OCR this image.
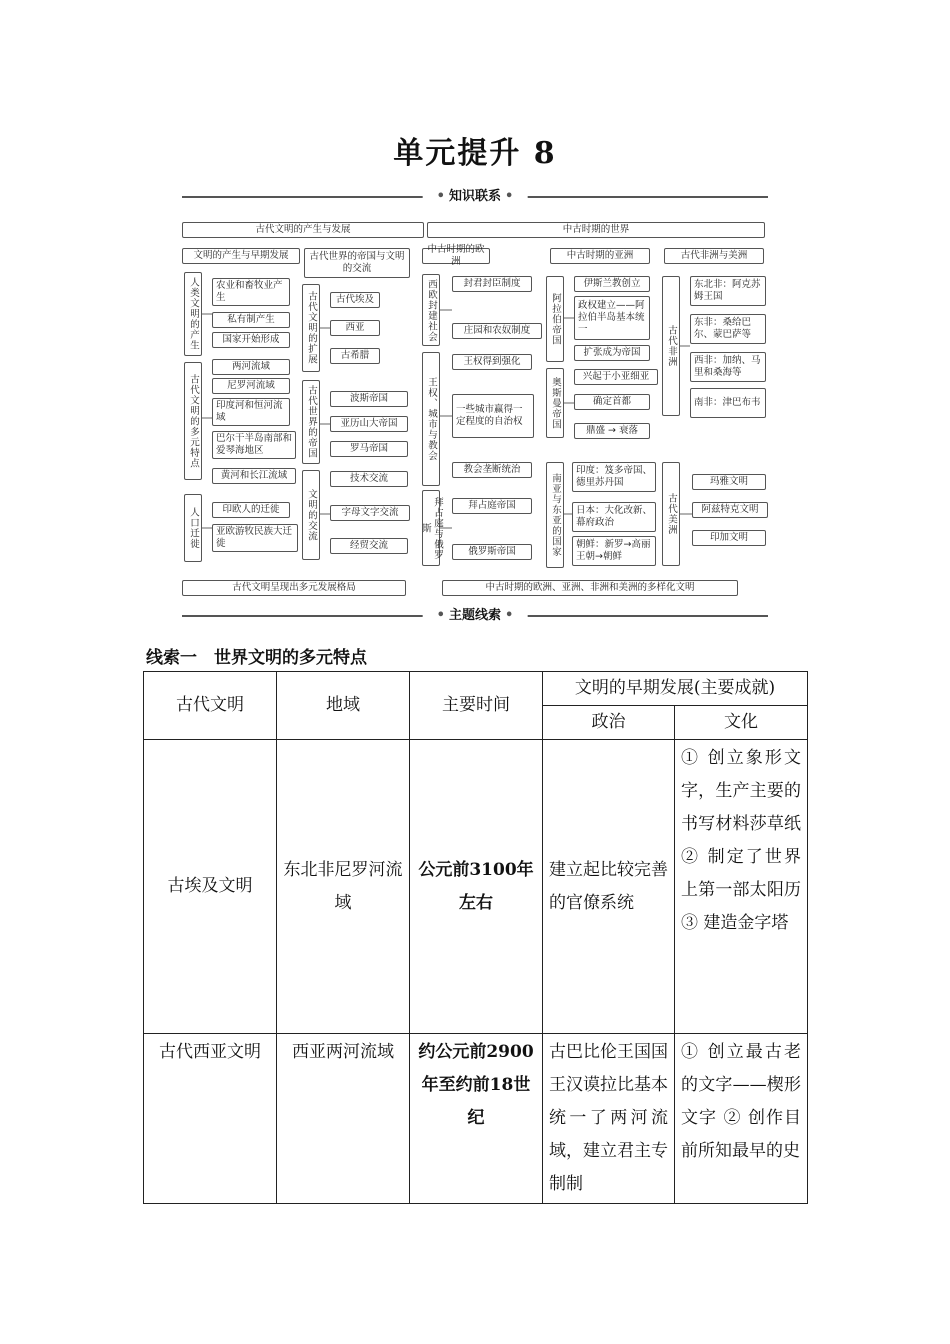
单元提升 8
• 知识联系 •
古代文明的产生与发展	中古时期的世界
文明的产生与早期发展	古代世界的帝国与文明的交流
人类文明的产生	农业和畜牧业产生
私有制产生
国家开始形成
古代文明的多元特点
两河流域
尼罗河流域
印度河和恒河流域
巴尔干半岛南部和爱琴海地区
黄河和长江流域
人口迁徙	印欧人的迁徙
亚欧游牧民族大迁徙
古代文明的扩展	古代埃及
西亚
古希腊
古代世界的帝国	波斯帝国
亚历山大帝国
罗马帝国
文明的交流
技术交流
字母文字交流
经贸交流
中古时期的欧洲
中古时期的亚洲	古代非洲与美洲
西欧封建社会	封君封臣制度
庄园和农奴制度
王权、城市与教会
王权得到强化
一些城市赢得一定程度的自治权
教会垄断统治
拜占庭与俄罗斯
拜占庭帝国
俄罗斯帝国
阿拉伯帝国
伊斯兰教创立
政权建立——阿拉伯半岛基本统一
扩张成为帝国
奥斯曼帝国
兴起于小亚细亚
确定首都
鼎盛 → 衰落
南亚与东亚的国家
印度：笈多帝国、德里苏丹国
日本：大化改新、幕府政治
朝鲜：新罗→高丽王朝→朝鲜
古代非洲
东北非：阿克苏姆王国
东非：桑给巴尔、蒙巴萨等
西非：加纳、马里和桑海等
南非：津巴布韦
古代美洲
玛雅文明
阿兹特克文明
印加文明
古代文明呈现出多元发展格局	中古时期的欧洲、亚洲、非洲和美洲的多样化文明
• 主题线索 •
线索一　世界文明的多元特点
古代文明	地域	主要时间	文明的早期发展(主要成就)	
			政治	文化
古埃及文明	东北非尼罗河流域	公元前3100年左右	建立起比较完善的官僚系统	① 创立象形文字，生产主要的书写材料莎草纸 ② 制定了世界上第一部太阳历 ③ 建造金字塔
古代西亚文明	西亚两河流域	约公元前2900年至约前18世纪	古巴比伦王国国王汉谟拉比基本统一了两河流域，建立君主专制制	① 创立最古老的文字——楔形文字 ② 创作目前所知最早的史
